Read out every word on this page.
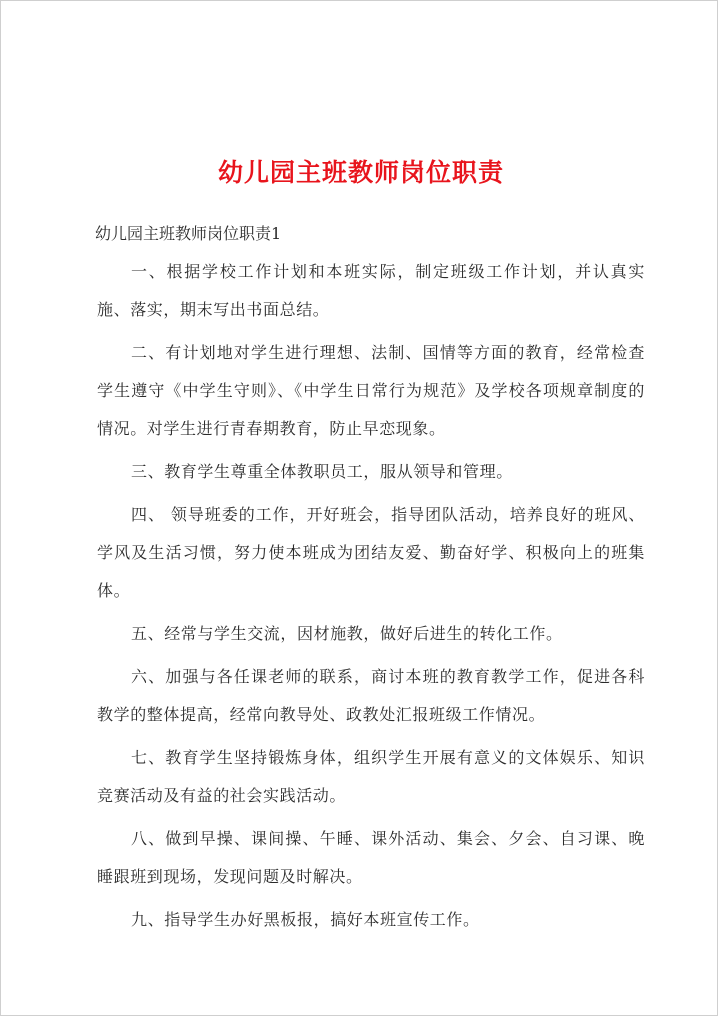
幼儿园主班教师岗位职责
幼儿园主班教师岗位职责1

一、根据学校工作计划和本班实际，制定班级工作计划，并认真实施、落实，期末写出书面总结。

二、有计划地对学生进行理想、法制、国情等方面的教育，经常检查学生遵守《中学生守则》、《中学生日常行为规范》及学校各项规章制度的情况。对学生进行青春期教育，防止早恋现象。

三、教育学生尊重全体教职员工，服从领导和管理。

四、 领导班委的工作，开好班会，指导团队活动，培养良好的班风、学风及生活习惯，努力使本班成为团结友爱、勤奋好学、积极向上的班集体。

五、经常与学生交流，因材施教，做好后进生的转化工作。

六、加强与各任课老师的联系，商讨本班的教育教学工作，促进各科教学的整体提高，经常向教导处、政教处汇报班级工作情况。

七、教育学生坚持锻炼身体，组织学生开展有意义的文体娱乐、知识竞赛活动及有益的社会实践活动。

八、做到早操、课间操、午睡、课外活动、集会、夕会、自习课、晚睡跟班到现场，发现问题及时解决。

九、指导学生办好黑板报，搞好本班宣传工作。
